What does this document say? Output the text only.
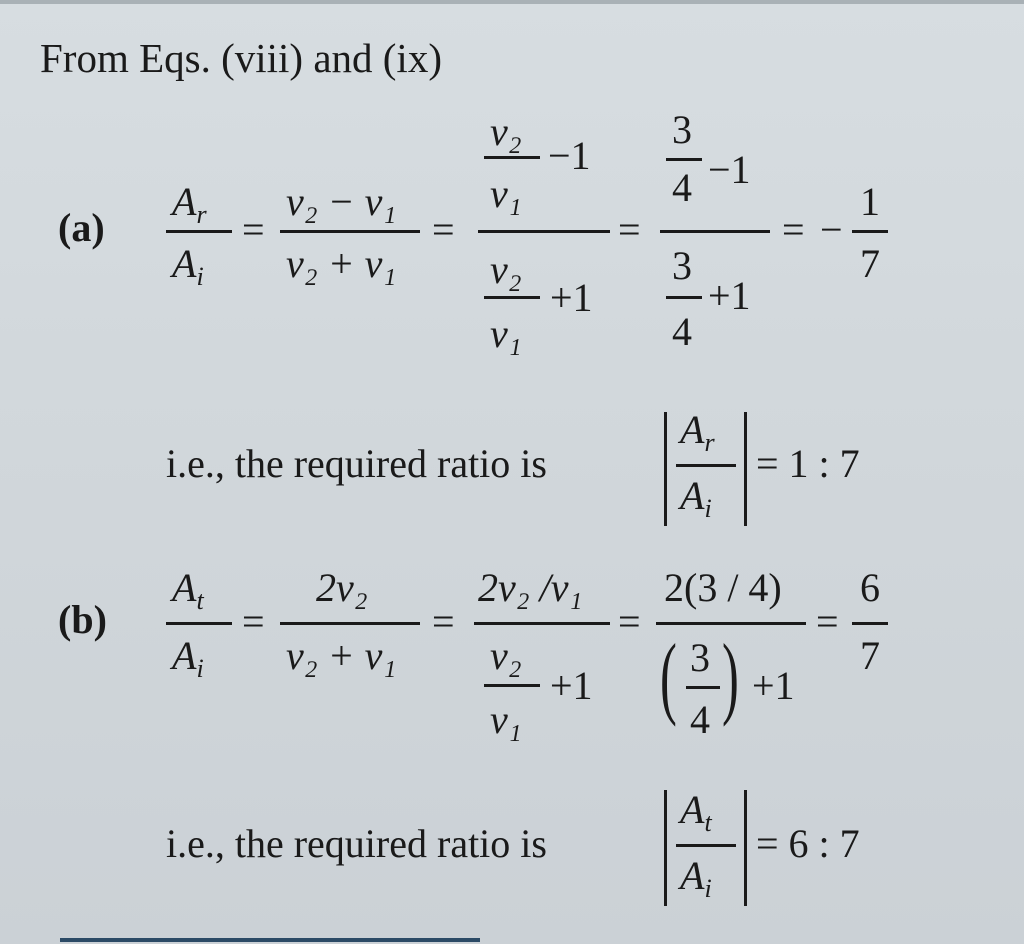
From Eqs. (viii) and (ix)
(a)
$A_r$
$A_i$
=
v₂ − v₁
v₂ + v₁
=
v₂
v₁
−1
v₂
v₁
+1
=
3
4 −1
3
4
+1
= −
1
7
i.e., the required ratio is
$A_r$
$A_i$
= 1 : 7
(b)
$A_t$
$A_i$
=
2v₂
v₂ + v₁
=
2v₂ /v₁
v₂
v₁
+1
=
2(3 / 4)
( 3
4 ) +1
=
6
7
i.e., the required ratio is
$A_t$
$A_i$
= 6 : 7
